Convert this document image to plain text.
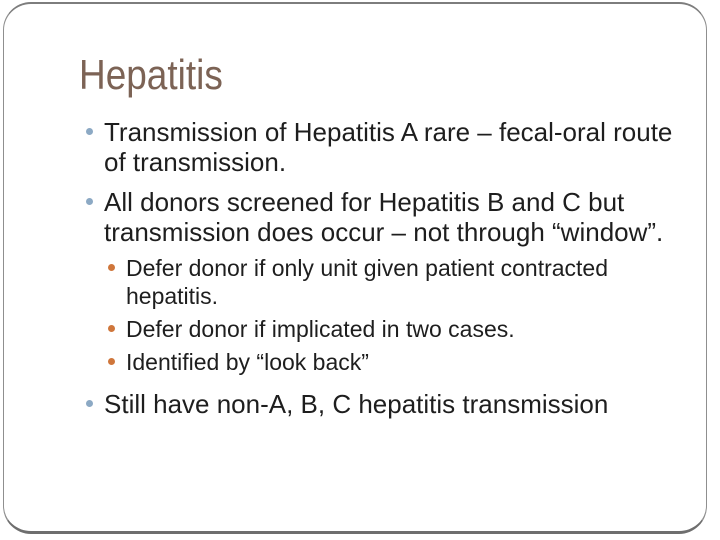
Hepatitis
Transmission of Hepatitis A rare – fecal-oral route of transmission.
All donors screened for Hepatitis B and C but transmission does occur – not through “window”.
Defer donor if only unit given patient contracted hepatitis.
Defer donor if implicated in two cases.
Identified by “look back”
Still have non-A, B, C hepatitis transmission
